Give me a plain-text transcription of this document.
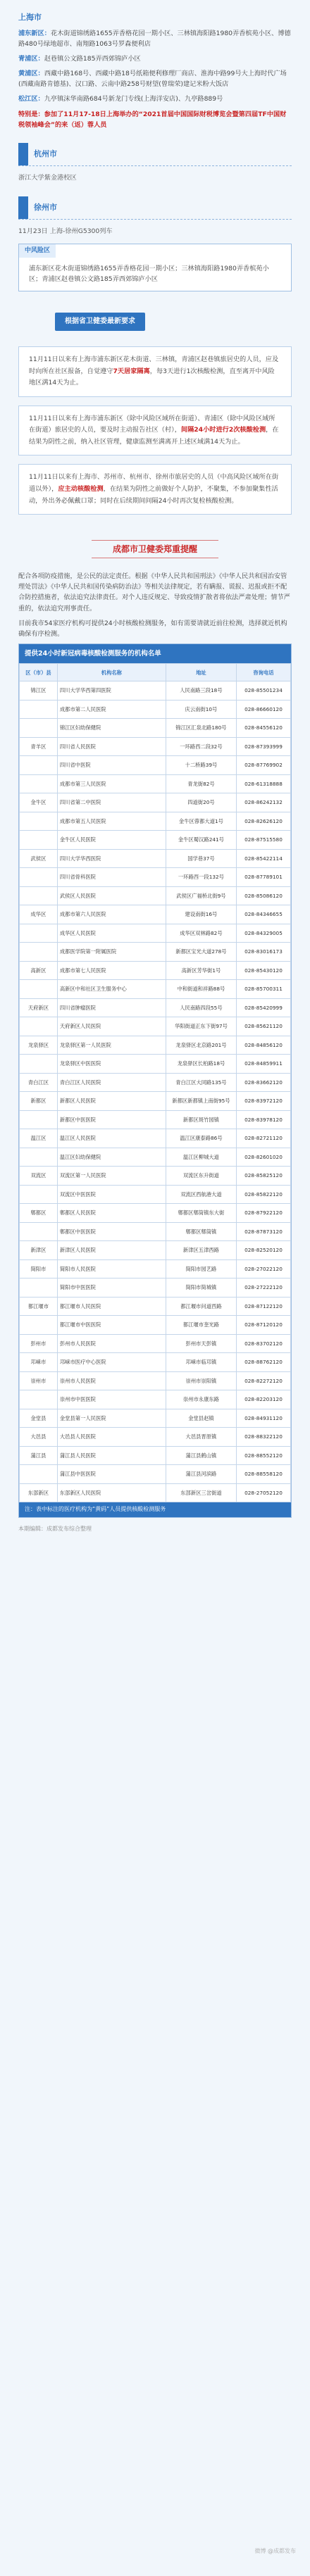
上海市

浦东新区：花木街道锦绣路1655弄香格花园一期小区、三林镇海阳路1980弄香槟苑小区、博德路480号绿地超市、南翔路1063号罗森便利店

青浦区：赵巷镇公文路185弄西郊锦庐小区

黄浦区：西藏中路168号、西藏中路18号纸箱便利修理厂商店、淮海中路99号大上海时代广场(西藏南路肯德基)、汉口路、云南中路258号财望(曾瑞荣)建记米粉大饭店

松江区：九亭镇沫华南路684号新龙门专线(上海洋安店)、九亭路889号

特别是：参加了11月17-18日上海举办的“2021首届中国国际财税博览会暨第四届TF中国财税领袖峰会”的来（返）蓉人员

杭州市

浙江大学紫金港校区

徐州市

11月23日 上海-徐州G5300列车

中风险区
浦东新区花木街道锦绣路1655弄香格花园一期小区；三林镇海阳路1980弄香槟苑小区；青浦区赵巷镇公文路185弄西郊锦庐小区
根据省卫健委最新要求
11月11日以来有上海市浦东新区花木街道、三林镇，青浦区赵巷镇旅居史的人员，应及时向所在社区报备，自觉遵守7天居家隔离，每3天进行1次核酸检测，直至离开中风险地区满14天为止。
11月11日以来有上海市浦东新区（除中风险区域所在街道）、青浦区（除中风险区域所在街道）旅居史的人员，要及时主动报告社区（村），间隔24小时进行2次核酸检测，在结果为阴性之前，纳入社区管理，健康监测至满离开上述区域满14天为止。
11月11日以来有上海市、苏州市、杭州市、徐州市旅居史的人员（中高风险区域所在街道以外），应主动核酸检测，在结果为阴性之前做好个人防护，不聚集，不参加聚集性活动，外出务必佩戴口罩；同时在后续期间间隔24小时再次复检核酸检测。
成都市卫健委郑重提醒

配合各项防疫措施，是公民的法定责任。根据《中华人民共和国刑法》《中华人民共和国治安管理处罚法》《中华人民共和国传染病防治法》等相关法律规定，若有瞒报、谎报、迟报或拒不配合防控措施者，依法追究法律责任。对个人违反规定、导致疫情扩散者将依法严肃处理；情节严重的，依法追究刑事责任。

目前我市54家医疗机构可提供24小时核酸检测服务，如有需要请就近前往检测，选择就近机构确保有序检测。

提供24小时新冠病毒核酸检测服务的机构名单
区（市）县	机构名称	地址	咨询电话
锦江区	四川大学华西第四医院	人民南路三段18号	028-85501234
	成都市第二人民医院	庆云南街10号	028-86660120
	锦江区妇幼保健院	锦江区汇泉北路180号	028-84556120
青羊区	四川省人民医院	一环路西二段32号	028-87393999
	四川省中医院	十二桥路39号	028-87769902
	成都市第三人民医院	青龙街82号	028-61318888
金牛区	四川省第二中医院	四道街20号	028-86242132
	成都市第五人民医院	金牛区蓉都大道1号	028-82626120
	金牛区人民医院	金牛区蜀汉路241号	028-87515580
武侯区	四川大学华西医院	国学巷37号	028-85422114
	四川省骨科医院	一环路西一段132号	028-87789101
	武侯区人民医院	武侯区广福桥北街9号	028-85086120
成华区	成都市第六人民医院	建设南街16号	028-84346655
	成华区人民医院	成华区双林路82号	028-84329005
	成都医学院第一附属医院	新都区宝光大道278号	028-83016173
高新区	成都市第七人民医院	高新区芳华街1号	028-85430120
	高新区中和社区卫生服务中心	中和街道和祥路88号	028-85700311
天府新区	四川省肿瘤医院	人民南路四段55号	028-85420999
	天府新区人民医院	华阳街道正东下街97号	028-85621120
龙泉驿区	龙泉驿区第一人民医院	龙泉驿区北京路201号	028-84856120
	龙泉驿区中医医院	龙泉驿区长柏路18号	028-84859911
青白江区	青白江区人民医院	青白江区大同路135号	028-83662120
新都区	新都区人民医院	新都区新都镇上南街95号	028-83972120
	新都区中医医院	新都区斑竹园镇	028-83978120
温江区	温江区人民医院	温江区康泰路86号	028-82721120
	温江区妇幼保健院	温江区柳城大道	028-82601020
双流区	双流区第一人民医院	双流区东升街道	028-85825120
	双流区中医医院	双流区西航港大道	028-85822120
郫都区	郫都区人民医院	郫都区郫筒镇东大街	028-87922120
	郫都区中医医院	郫都区郫筒镇	028-87873120
新津区	新津区人民医院	新津区五津西路	028-82520120
简阳市	简阳市人民医院	简阳市园艺路	028-27022120
	简阳市中医医院	简阳市简城镇	028-27222120
都江堰市	都江堰市人民医院	都江堰市问道西路	028-87122120
	都江堰市中医医院	都江堰市奎光路	028-87120120
彭州市	彭州市人民医院	彭州市天彭镇	028-83702120
邛崃市	邛崃市医疗中心医院	邛崃市临邛镇	028-88762120
崇州市	崇州市人民医院	崇州市崇阳镇	028-82272120
	崇州市中医医院	崇州市永康东路	028-82203120
金堂县	金堂县第一人民医院	金堂县赵镇	028-84931120
大邑县	大邑县人民医院	大邑县晋原镇	028-88322120
蒲江县	蒲江县人民医院	蒲江县鹤山镇	028-88552120
	蒲江县中医医院	蒲江县河滨路	028-88558120
东部新区	东部新区人民医院	东部新区三岔街道	028-27052120
注：表中标注的医疗机构为“黄码”人员提供核酸检测服务

本期编辑：成都发布综合整理

微博 @成都发布
